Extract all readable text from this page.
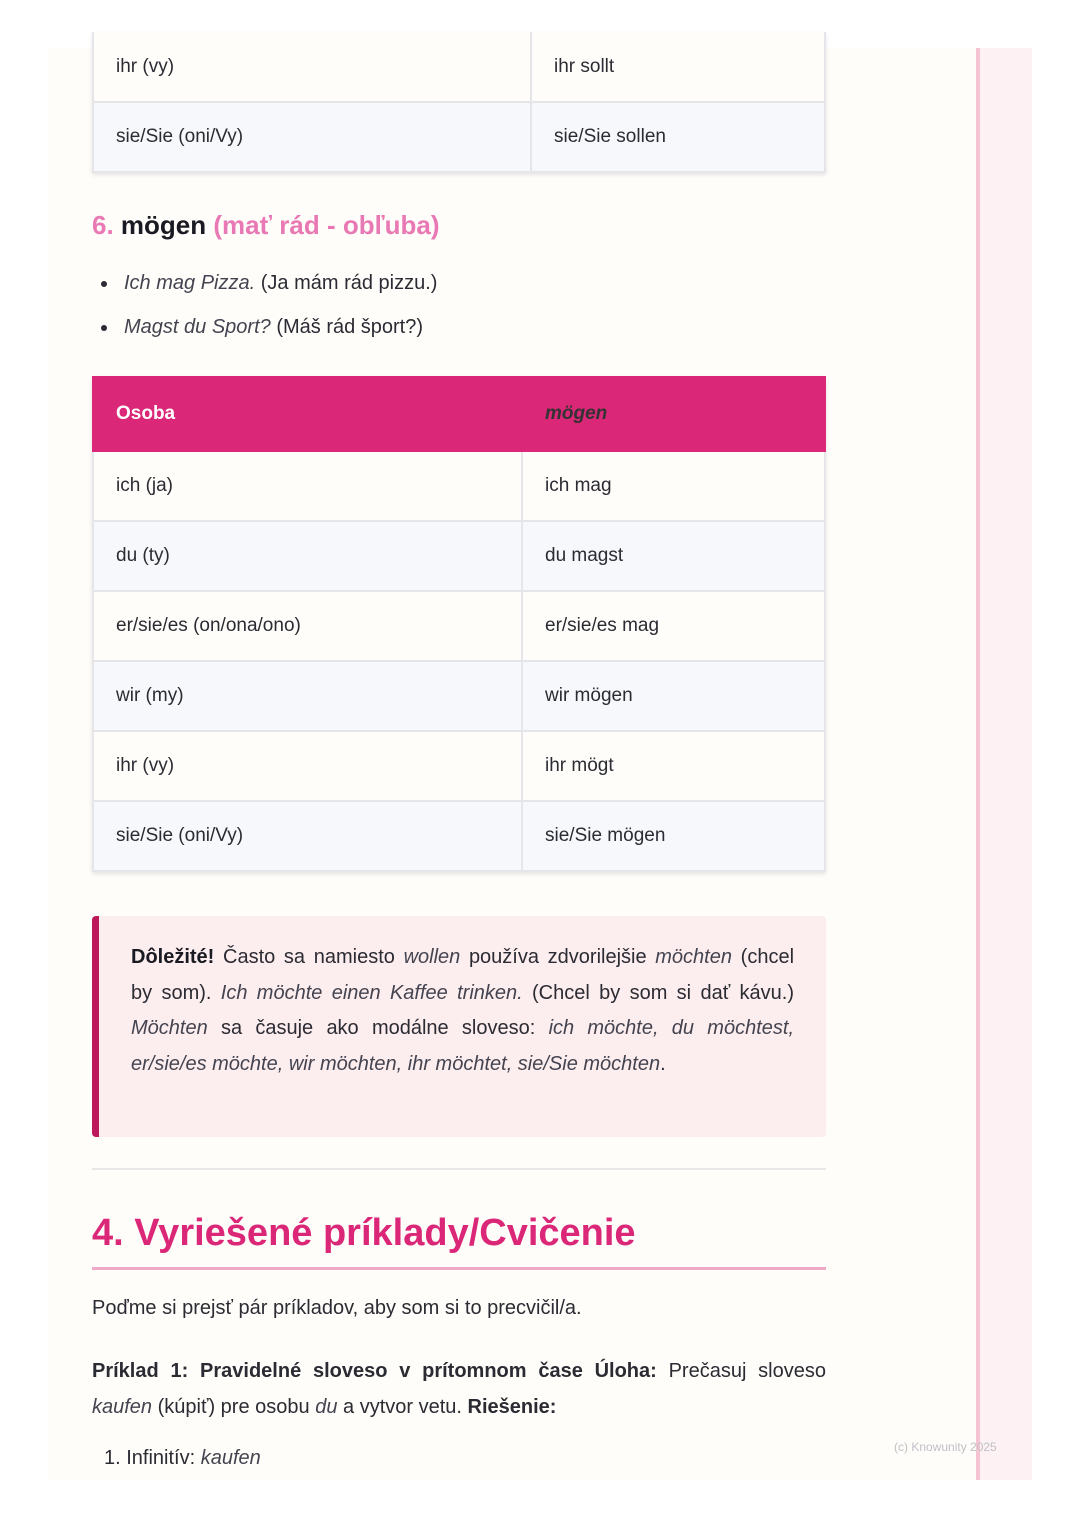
ihr (vy)	ihr sollt
sie/Sie (oni/Vy)	sie/Sie sollen
6. mögen (mať rád - obľuba)
Ich mag Pizza. (Ja mám rád pizzu.)
Magst du Sport? (Máš rád šport?)
Osoba	mögen
ich (ja)	ich mag
du (ty)	du magst
er/sie/es (on/ona/ono)	er/sie/es mag
wir (my)	wir mögen
ihr (vy)	ihr mögt
sie/Sie (oni/Vy)	sie/Sie mögen
Dôležité! Často sa namiesto wollen používa zdvorilejšie möchten (chcel by som). Ich möchte einen Kaffee trinken. (Chcel by som si dať kávu.) Möchten sa časuje ako modálne sloveso: ich möchte, du möchtest, er/sie/es möchte, wir möchten, ihr möchtet, sie/Sie möchten.
4. Vyriešené príklady/Cvičenie

Poďme si prejsť pár príkladov, aby som si to precvičil/a.

Príklad 1: Pravidelné sloveso v prítomnom čase Úloha: Prečasuj sloveso kaufen (kúpiť) pre osobu du a vytvor vetu. Riešenie:

1. Infinitív: kaufen	(c) Knowunity 2025
